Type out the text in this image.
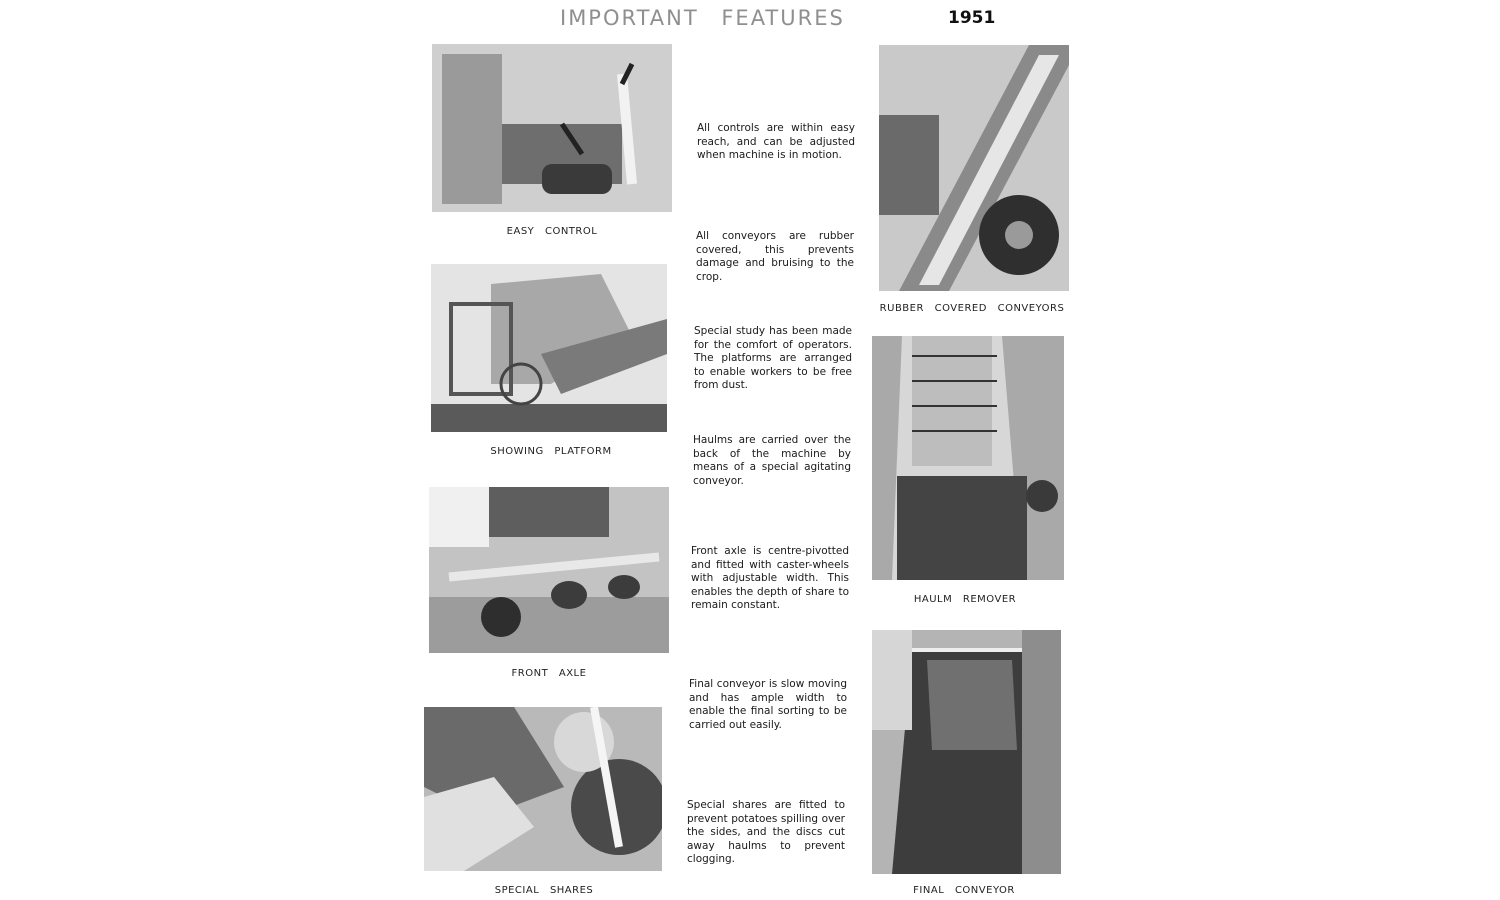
IMPORTANT FEATURES	1951
EASY CONTROL
SHOWING PLATFORM
FRONT AXLE
SPECIAL SHARES
RUBBER COVERED CONVEYORS
HAULM REMOVER
FINAL CONVEYOR
All controls are within easy reach, and can be adjusted when machine is in motion.
All conveyors are rubber covered, this prevents damage and bruising to the crop.
Special study has been made for the comfort of operators. The platforms are arranged to enable workers to be free from dust.
Haulms are carried over the back of the machine by means of a special agitating conveyor.
Front axle is centre-pivotted and fitted with caster-wheels with adjustable width. This enables the depth of share to remain constant.
Final conveyor is slow moving and has ample width to enable the final sorting to be carried out easily.
Special shares are fitted to prevent potatoes spilling over the sides, and the discs cut away haulms to prevent clogging.
